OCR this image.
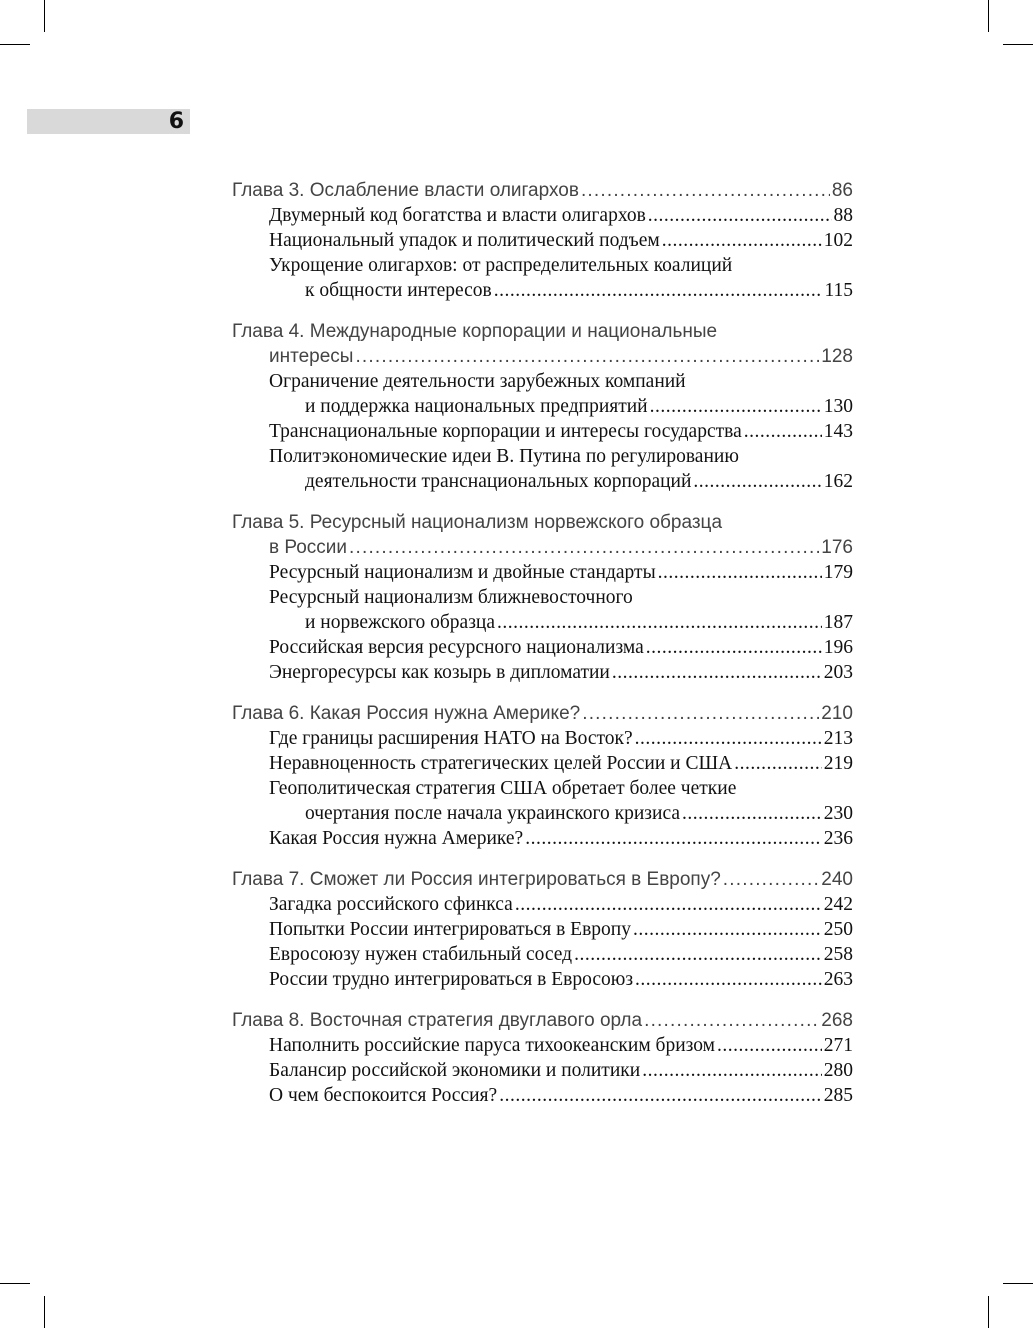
6
Глава 3. Ослабление власти олигархов .....	86
Двумерный код богатства и власти олигархов .....	88
Национальный упадок и политический подъем .....	102
Укрощение олигархов: от распределительных коалиций
к общности интересов .....	115
Глава 4. Международные корпорации и национальные
интересы .....	128
Ограничение деятельности зарубежных компаний
и поддержка национальных предприятий .....	130
Транснациональные корпорации и интересы государства .....	143
Политэкономические идеи В. Путина по регулированию
деятельности транснациональных корпораций .....	162
Глава 5. Ресурсный национализм норвежского образца
в России .....	176
Ресурсный национализм и двойные стандарты .....	179
Ресурсный национализм ближневосточного
и норвежского образца .....	187
Российская версия ресурсного национализма .....	196
Энергоресурсы как козырь в дипломатии .....	203
Глава 6. Какая Россия нужна Америке? .....	210
Где границы расширения НАТО на Восток? .....	213
Неравноценность стратегических целей России и США .....	219
Геополитическая стратегия США обретает более четкие
очертания после начала украинского кризиса .....	230
Какая Россия нужна Америке? .....	236
Глава 7. Сможет ли Россия интегрироваться в Европу? .....	240
Загадка российского сфинкса .....	242
Попытки России интегрироваться в Европу .....	250
Евросоюзу нужен стабильный сосед .....	258
России трудно интегрироваться в Евросоюз .....	263
Глава 8. Восточная стратегия двуглавого орла .....	268
Наполнить российские паруса тихоокеанским бризом .....	271
Балансир российской экономики и политики .....	280
О чем беспокоится Россия? .....	285
